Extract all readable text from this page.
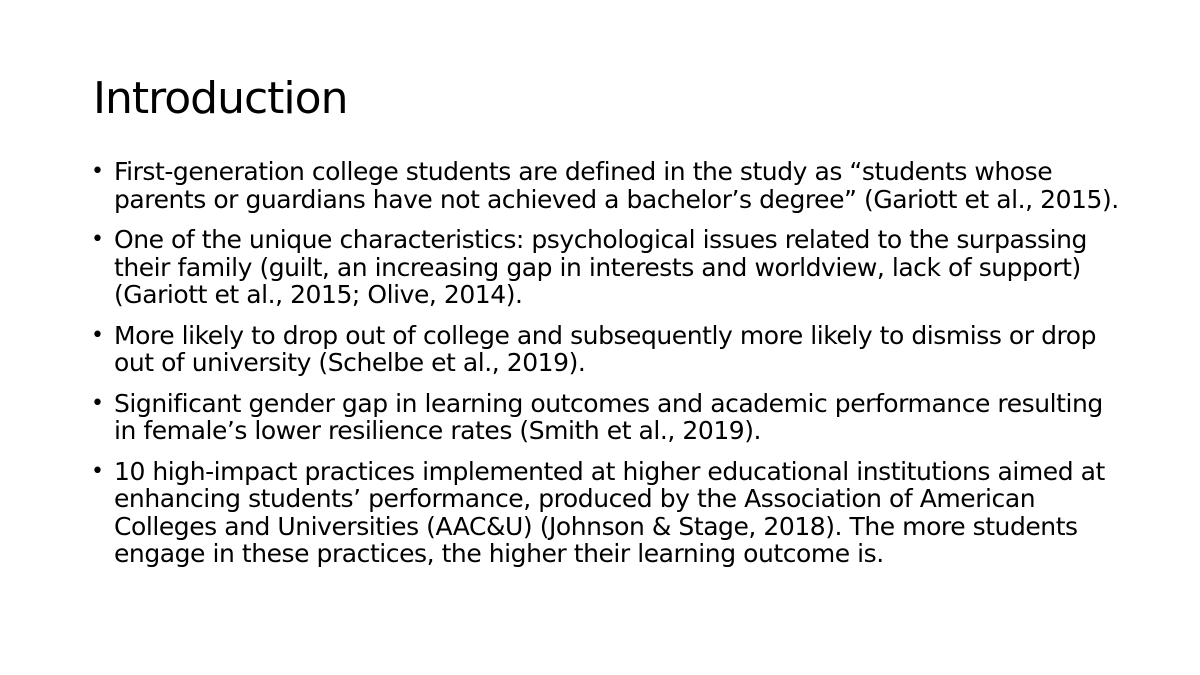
Introduction
• First-generation college students are defined in the study as “students whose parents or guardians have not achieved a bachelor’s degree” (Gariott et al., 2015).
• One of the unique characteristics: psychological issues related to the surpassing their family (guilt, an increasing gap in interests and worldview, lack of support) (Gariott et al., 2015; Olive, 2014).
• More likely to drop out of college and subsequently more likely to dismiss or drop out of university (Schelbe et al., 2019).
• Significant gender gap in learning outcomes and academic performance resulting in female’s lower resilience rates (Smith et al., 2019).
• 10 high-impact practices implemented at higher educational institutions aimed at enhancing students’ performance, produced by the Association of American Colleges and Universities (AAC&U) (Johnson & Stage, 2018). The more students engage in these practices, the higher their learning outcome is.
